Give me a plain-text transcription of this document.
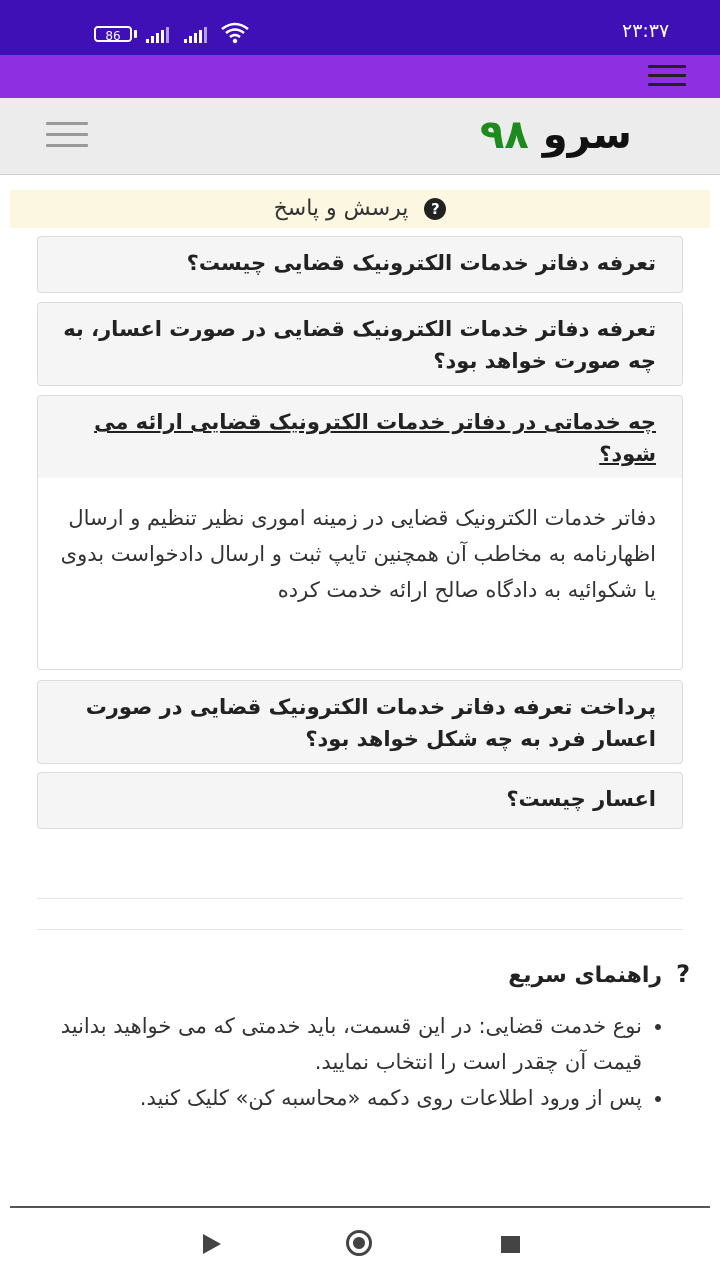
86	۲۳:۳۷
سرو ۹۸
?پرسش و پاسخ
تعرفه دفاتر خدمات الکترونیک قضایی چیست؟
تعرفه دفاتر خدمات الکترونیک قضایی در صورت اعسار، به چه صورت خواهد بود؟
چه خدماتی در دفاتر خدمات الکترونیک قضایی ارائه می شود؟
دفاتر خدمات الکترونیک قضایی در زمینه اموری نظیر تنظیم و ارسال اظهارنامه به مخاطب آن همچنین تایپ ثبت و ارسال دادخواست بدوی یا شکوائیه به دادگاه صالح ارائه خدمت کرده
پرداخت تعرفه دفاتر خدمات الکترونیک قضایی در صورت اعسار فرد به چه شکل خواهد بود؟
اعسار چیست؟
?راهنمای سریع
• نوع خدمت قضایی: در این قسمت، باید خدمتی که می خواهید بدانید قیمت آن چقدر است را انتخاب نمایید.
• پس از ورود اطلاعات روی دکمه «محاسبه کن» کلیک کنید.
